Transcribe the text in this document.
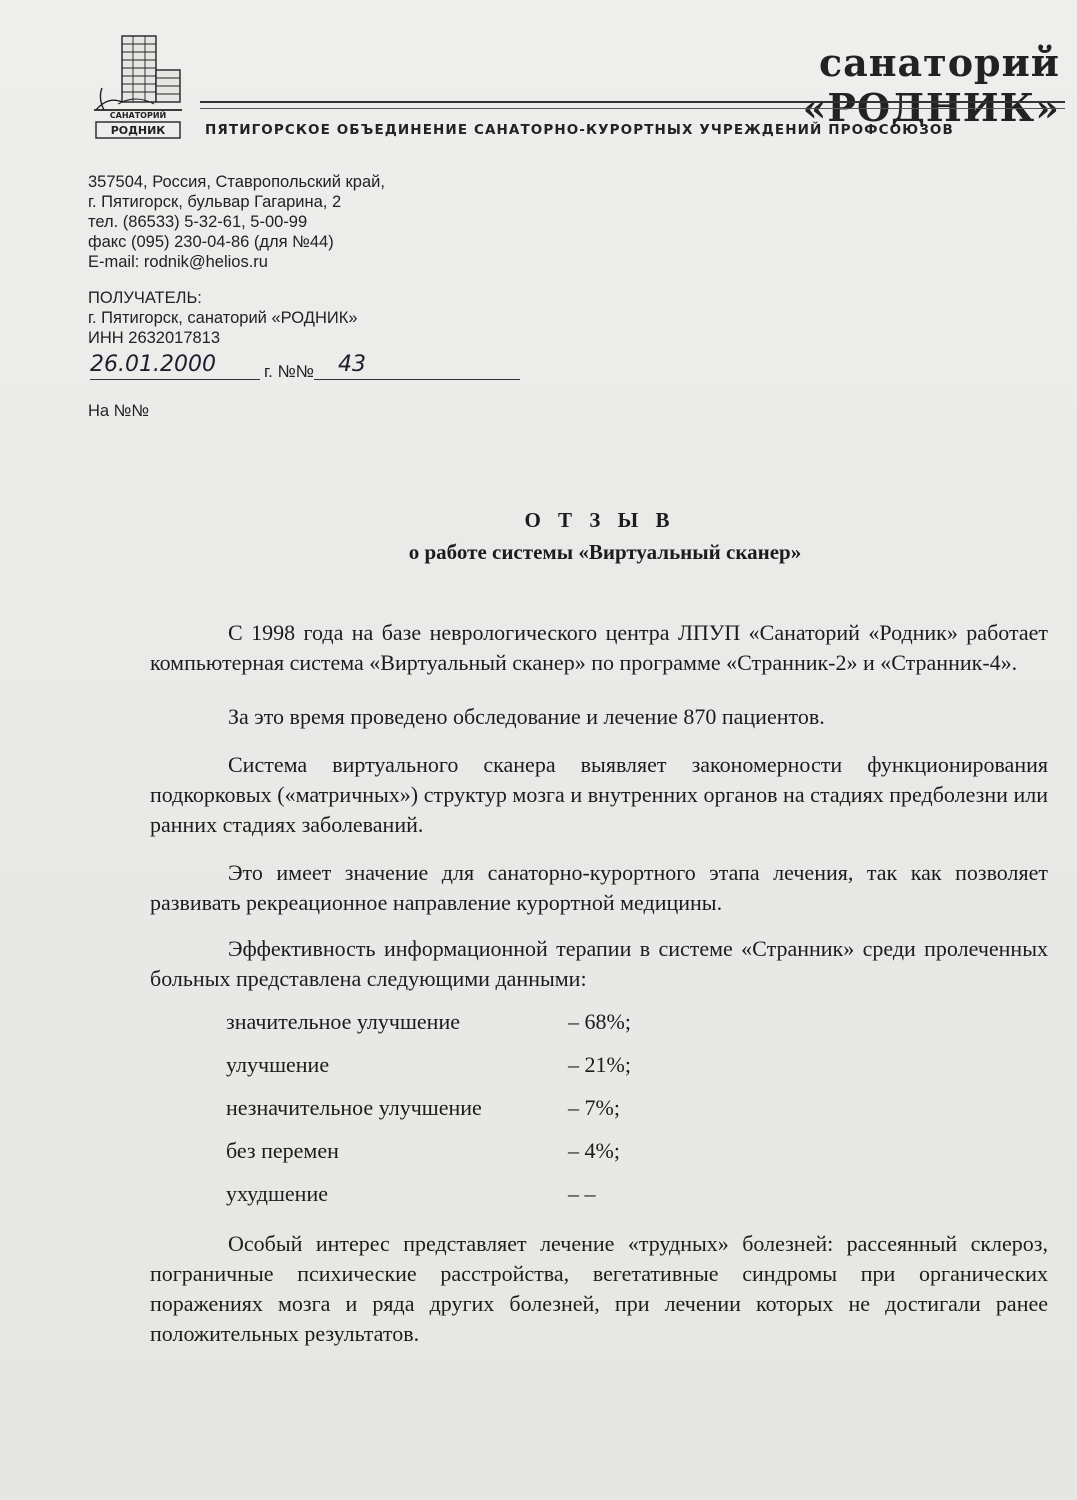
САНАТОРИЙ
РОДНИК
санаторий «РОДНИК»
ПЯТИГОРСКОЕ ОБЪЕДИНЕНИЕ САНАТОРНО-КУРОРТНЫХ УЧРЕЖДЕНИЙ ПРОФСОЮЗОВ
357504, Россия, Ставропольский край,
г. Пятигорск, бульвар Гагарина, 2
тел. (86533) 5-32-61, 5-00-99
факс (095) 230-04-86 (для №44)
E-mail: rodnik@helios.ru
ПОЛУЧАТЕЛЬ:
г. Пятигорск, санаторий «РОДНИК»
ИНН 2632017813
26.01.2000	г. №№	43
На №№
О Т З Ы В
о работе системы «Виртуальный сканер»

С 1998 года на базе неврологического центра ЛПУП «Санаторий «Родник» работает компьютерная система «Виртуальный сканер» по программе «Странник-2» и «Странник-4».

За это время проведено обследование и лечение 870 пациентов.

Система виртуального сканера выявляет закономерности функционирования подкорковых («матричных») структур мозга и внутренних органов на стадиях предболезни или ранних стадиях заболеваний.

Это имеет значение для санаторно-курортного этапа лечения, так как позволяет развивать рекреационное направление курортной медицины.

Эффективность информационной терапии в системе «Странник» среди пролеченных больных представлена следующими данными:

значительное улучшение	– 68%;
улучшение	– 21%;
незначительное улучшение	– 7%;
без перемен	– 4%;
ухудшение	– –

Особый интерес представляет лечение «трудных» болезней: рассеянный склероз, пограничные психические расстройства, вегетативные синдромы при органических поражениях мозга и ряда других болезней, при лечении которых не достигали ранее положительных результатов.
